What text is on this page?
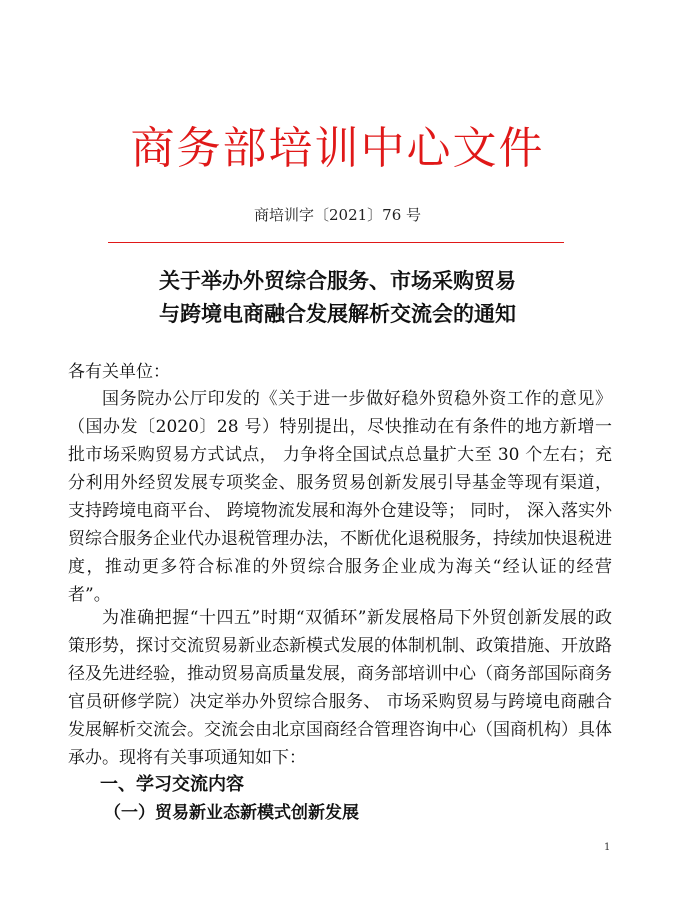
商务部培训中心文件
商培训字〔2021〕76 号
关于举办外贸综合服务、市场采购贸易
与跨境电商融合发展解析交流会的通知
各有关单位：
国务院办公厅印发的《关于进一步做好稳外贸稳外资工作的意见》（国办发〔2020〕28 号）特别提出，尽快推动在有条件的地方新增一批市场采购贸易方式试点， 力争将全国试点总量扩大至 30 个左右；充分利用外经贸发展专项奖金、服务贸易创新发展引导基金等现有渠道， 支持跨境电商平台、 跨境物流发展和海外仓建设等； 同时， 深入落实外贸综合服务企业代办退税管理办法，不断优化退税服务，持续加快退税进度，推动更多符合标准的外贸综合服务企业成为海关“经认证的经营者”。
为准确把握“十四五”时期“双循环”新发展格局下外贸创新发展的政策形势，探讨交流贸易新业态新模式发展的体制机制、政策措施、开放路径及先进经验，推动贸易高质量发展，商务部培训中心（商务部国际商务官员研修学院）决定举办外贸综合服务、 市场采购贸易与跨境电商融合发展解析交流会。交流会由北京国商经合管理咨询中心（国商机构）具体承办。现将有关事项通知如下：
一、学习交流内容
（一）贸易新业态新模式创新发展
1
